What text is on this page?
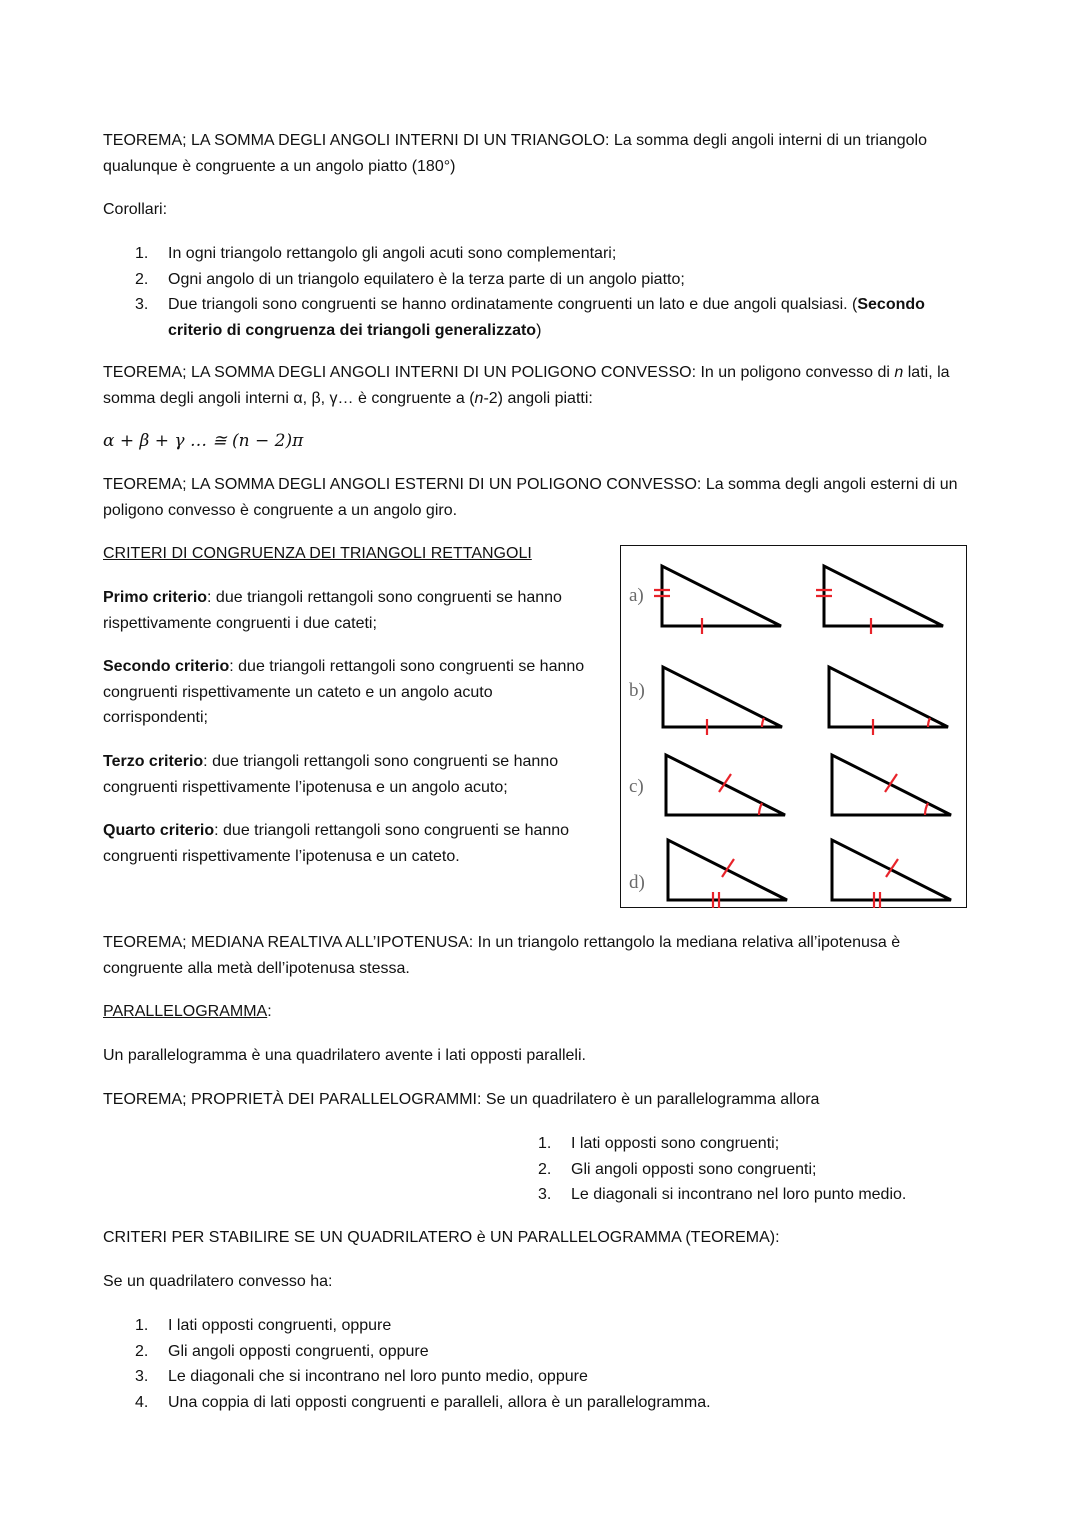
TEOREMA; LA SOMMA DEGLI ANGOLI INTERNI DI UN TRIANGOLO: La somma degli angoli interni di un triangolo
qualunque è congruente a un angolo piatto (180°)
Corollari:
1. In ogni triangolo rettangolo gli angoli acuti sono complementari;
2. Ogni angolo di un triangolo equilatero è la terza parte di un angolo piatto;
3. Due triangoli sono congruenti se hanno ordinatamente congruenti un lato e due angoli qualsiasi. (Secondo
criterio di congruenza dei triangoli generalizzato)
TEOREMA; LA SOMMA DEGLI ANGOLI INTERNI DI UN POLIGONO CONVESSO: In un poligono convesso di n lati, la
somma degli angoli interni α, β, γ… è congruente a (n-2) angoli piatti:
α + β + γ … ≅ (n − 2)π
TEOREMA; LA SOMMA DEGLI ANGOLI ESTERNI DI UN POLIGONO CONVESSO: La somma degli angoli esterni di un
poligono convesso è congruente a un angolo giro.
CRITERI DI CONGRUENZA DEI TRIANGOLI RETTANGOLI
Primo criterio: due triangoli rettangoli sono congruenti se hanno
rispettivamente congruenti i due cateti;
Secondo criterio: due triangoli rettangoli sono congruenti se hanno
congruenti rispettivamente un cateto e un angolo acuto
corrispondenti;
Terzo criterio: due triangoli rettangoli sono congruenti se hanno
congruenti rispettivamente l’ipotenusa e un angolo acuto;
Quarto criterio: due triangoli rettangoli sono congruenti se hanno
congruenti rispettivamente l’ipotenusa e un cateto.
a)
b)
c)
d)
TEOREMA; MEDIANA REALTIVA ALL’IPOTENUSA: In un triangolo rettangolo la mediana relativa all’ipotenusa è
congruente alla metà dell’ipotenusa stessa.
PARALLELOGRAMMA:
Un parallelogramma è una quadrilatero avente i lati opposti paralleli.
TEOREMA; PROPRIETÀ DEI PARALLELOGRAMMI: Se un quadrilatero è un parallelogramma allora
1. I lati opposti sono congruenti;
2. Gli angoli opposti sono congruenti;
3. Le diagonali si incontrano nel loro punto medio.
CRITERI PER STABILIRE SE UN QUADRILATERO è UN PARALLELOGRAMMA (TEOREMA):
Se un quadrilatero convesso ha:
1. I lati opposti congruenti, oppure
2. Gli angoli opposti congruenti, oppure
3. Le diagonali che si incontrano nel loro punto medio, oppure
4. Una coppia di lati opposti congruenti e paralleli, allora è un parallelogramma.
